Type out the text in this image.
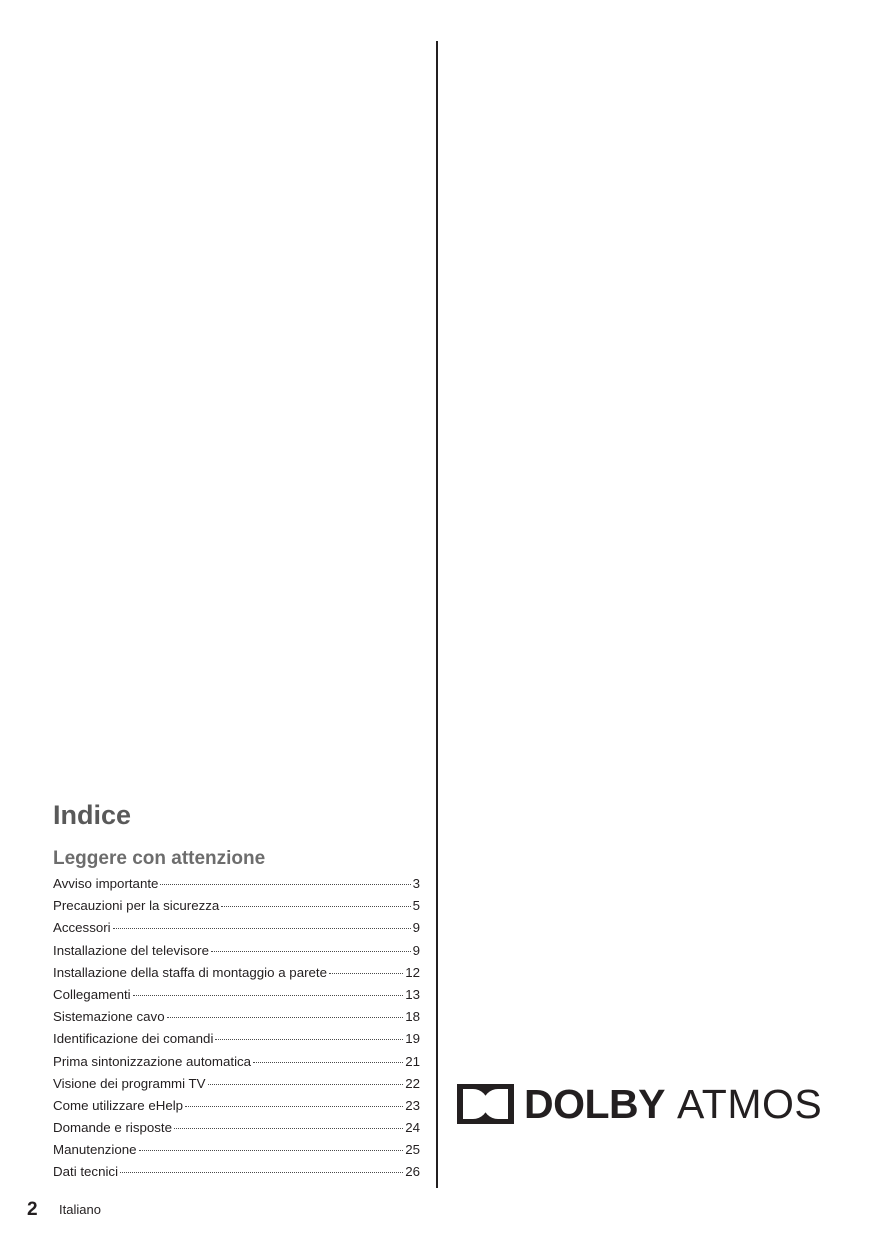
Indice
Leggere con attenzione
Avviso importante	3
Precauzioni per la sicurezza	5
Accessori	9
Installazione del televisore	9
Installazione della staffa di montaggio a parete	12
Collegamenti	13
Sistemazione cavo	18
Identificazione dei comandi	19
Prima sintonizzazione automatica	21
Visione dei programmi TV	22
Come utilizzare eHelp	23
Domande e risposte	24
Manutenzione	25
Dati tecnici	26
DOLBY ATMOS
2 Italiano
